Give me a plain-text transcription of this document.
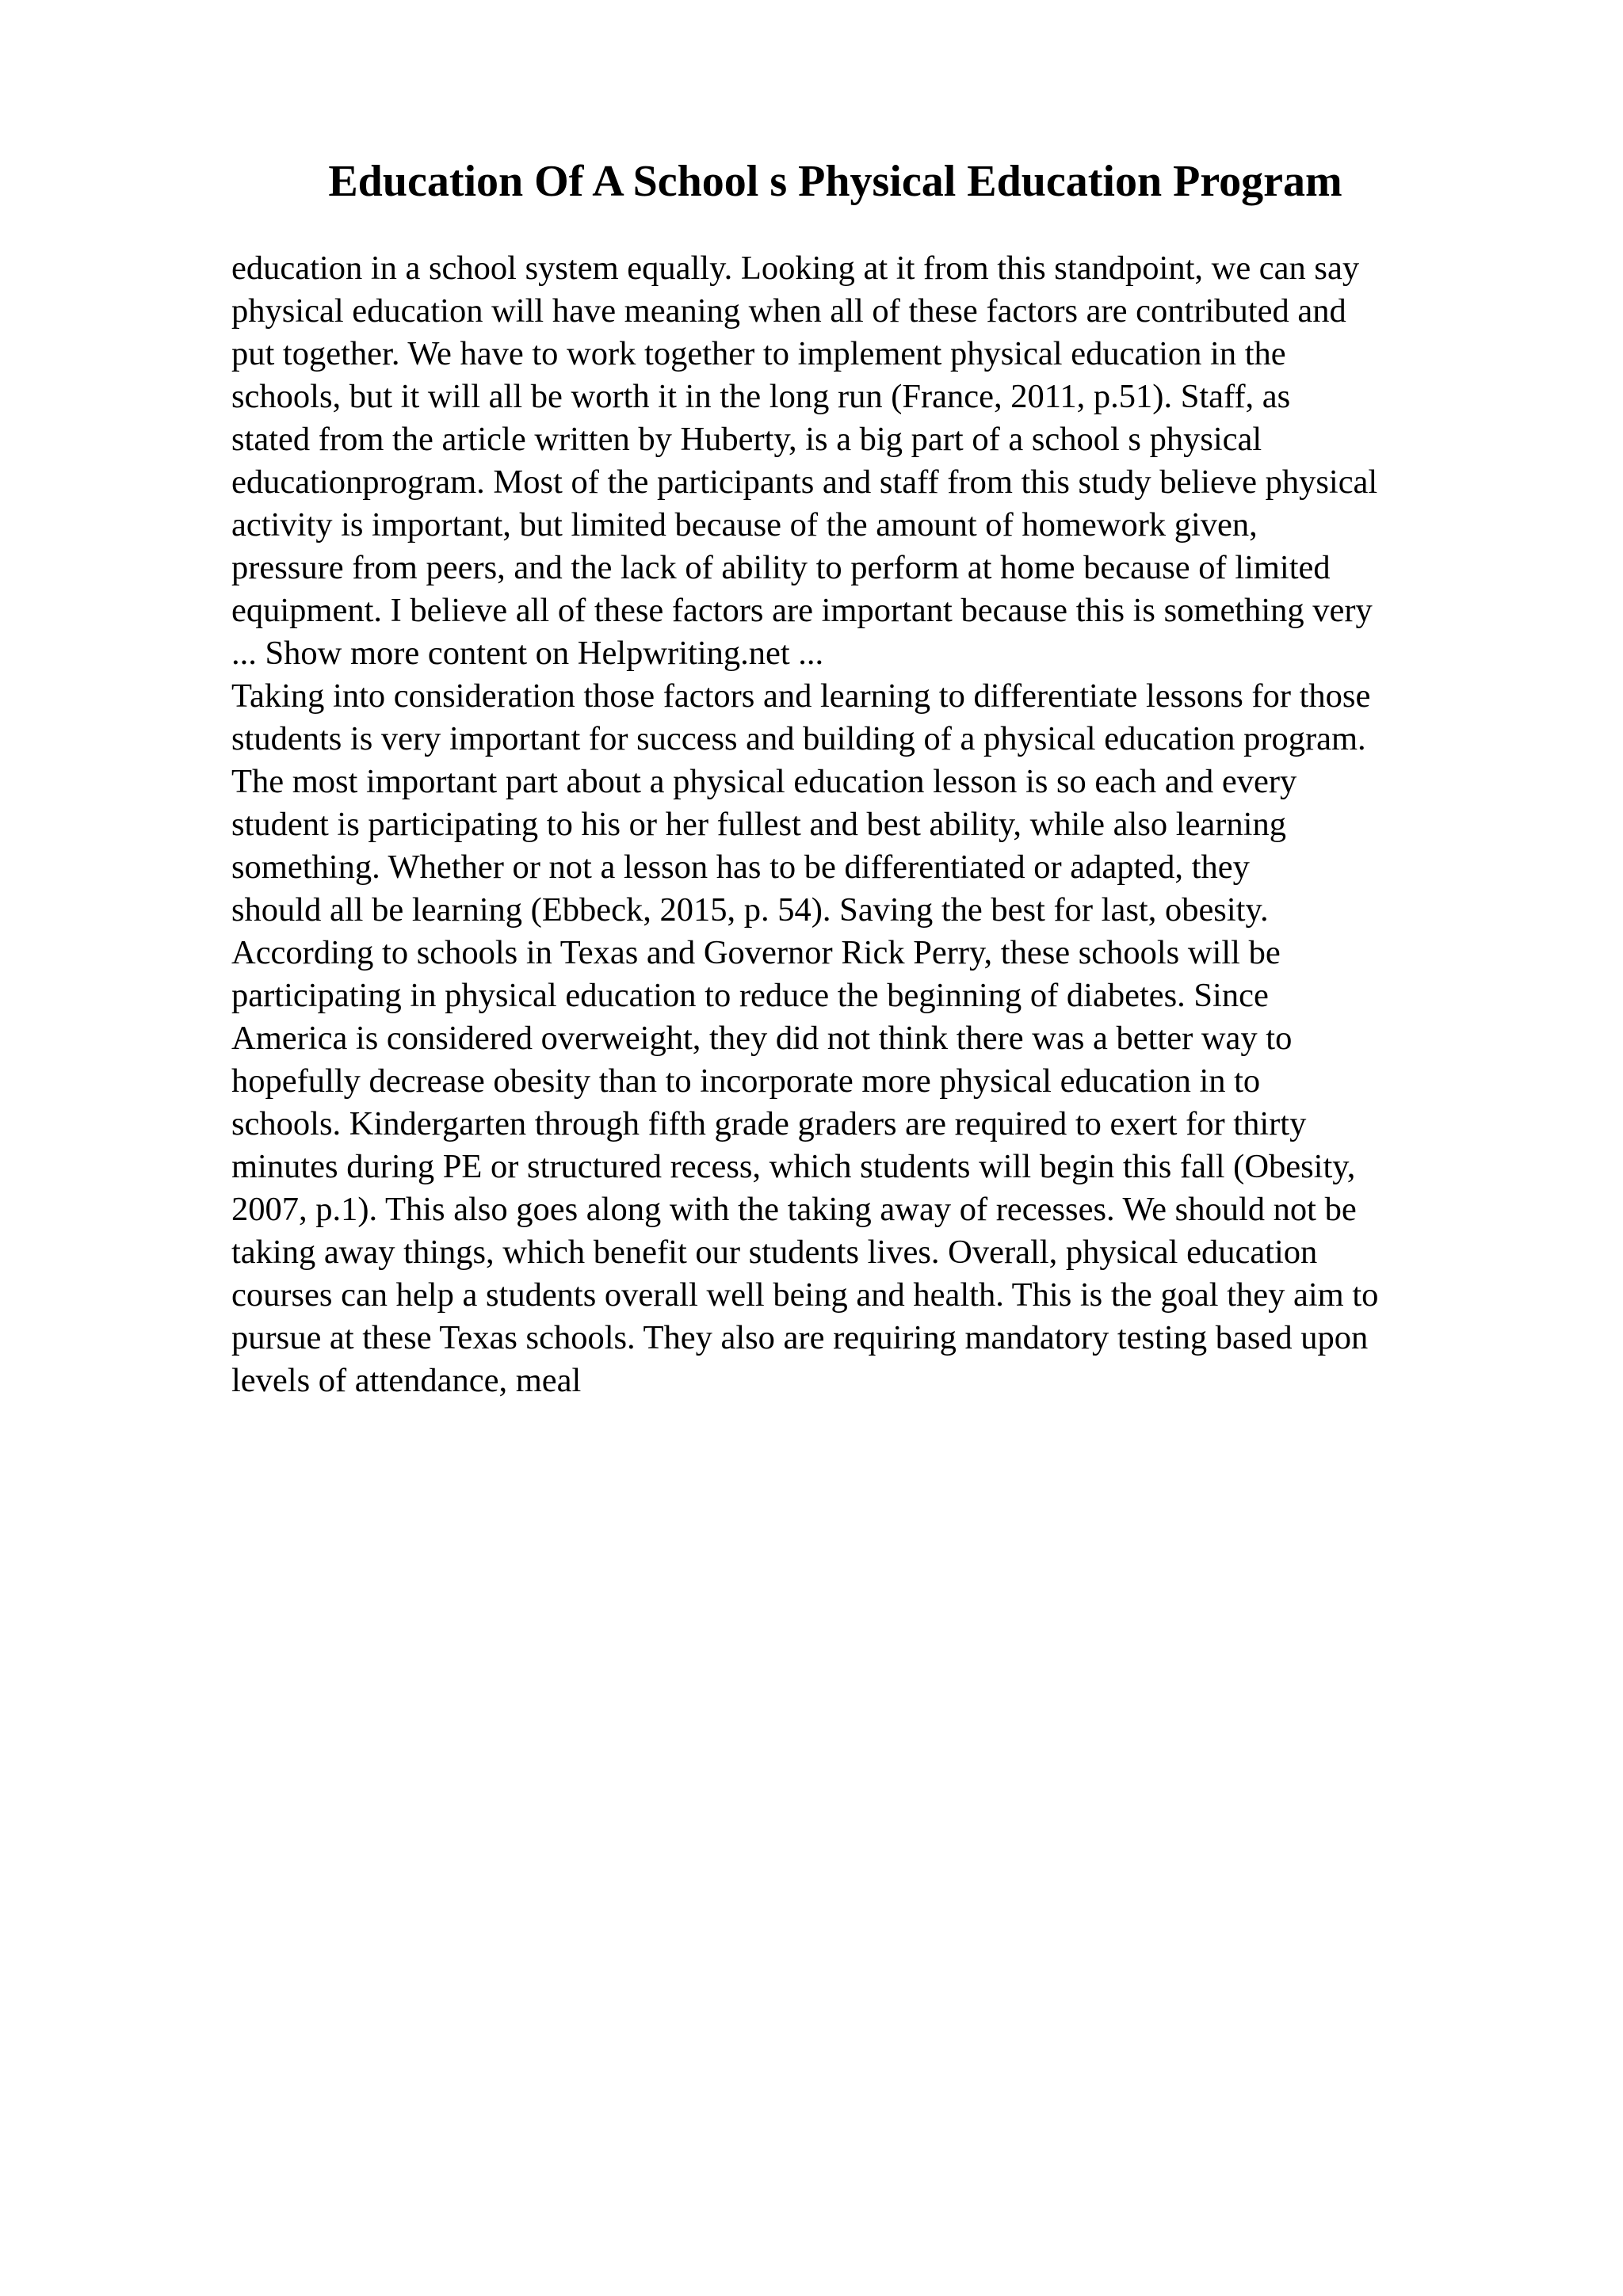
Education Of A School s Physical Education Program
education in a school system equally. Looking at it from this standpoint, we can say
physical education will have meaning when all of these factors are contributed and
put together. We have to work together to implement physical education in the
schools, but it will all be worth it in the long run (France, 2011, p.51). Staff, as
stated from the article written by Huberty, is a big part of a school s physical
educationprogram. Most of the participants and staff from this study believe physical
activity is important, but limited because of the amount of homework given,
pressure from peers, and the lack of ability to perform at home because of limited
equipment. I believe all of these factors are important because this is something very
... Show more content on Helpwriting.net ...
Taking into consideration those factors and learning to differentiate lessons for those
students is very important for success and building of a physical education program.
The most important part about a physical education lesson is so each and every
student is participating to his or her fullest and best ability, while also learning
something. Whether or not a lesson has to be differentiated or adapted, they
should all be learning (Ebbeck, 2015, p. 54). Saving the best for last, obesity.
According to schools in Texas and Governor Rick Perry, these schools will be
participating in physical education to reduce the beginning of diabetes. Since
America is considered overweight, they did not think there was a better way to
hopefully decrease obesity than to incorporate more physical education in to
schools. Kindergarten through fifth grade graders are required to exert for thirty
minutes during PE or structured recess, which students will begin this fall (Obesity,
2007, p.1). This also goes along with the taking away of recesses. We should not be
taking away things, which benefit our students lives. Overall, physical education
courses can help a students overall well being and health. This is the goal they aim to
pursue at these Texas schools. They also are requiring mandatory testing based upon
levels of attendance, meal
